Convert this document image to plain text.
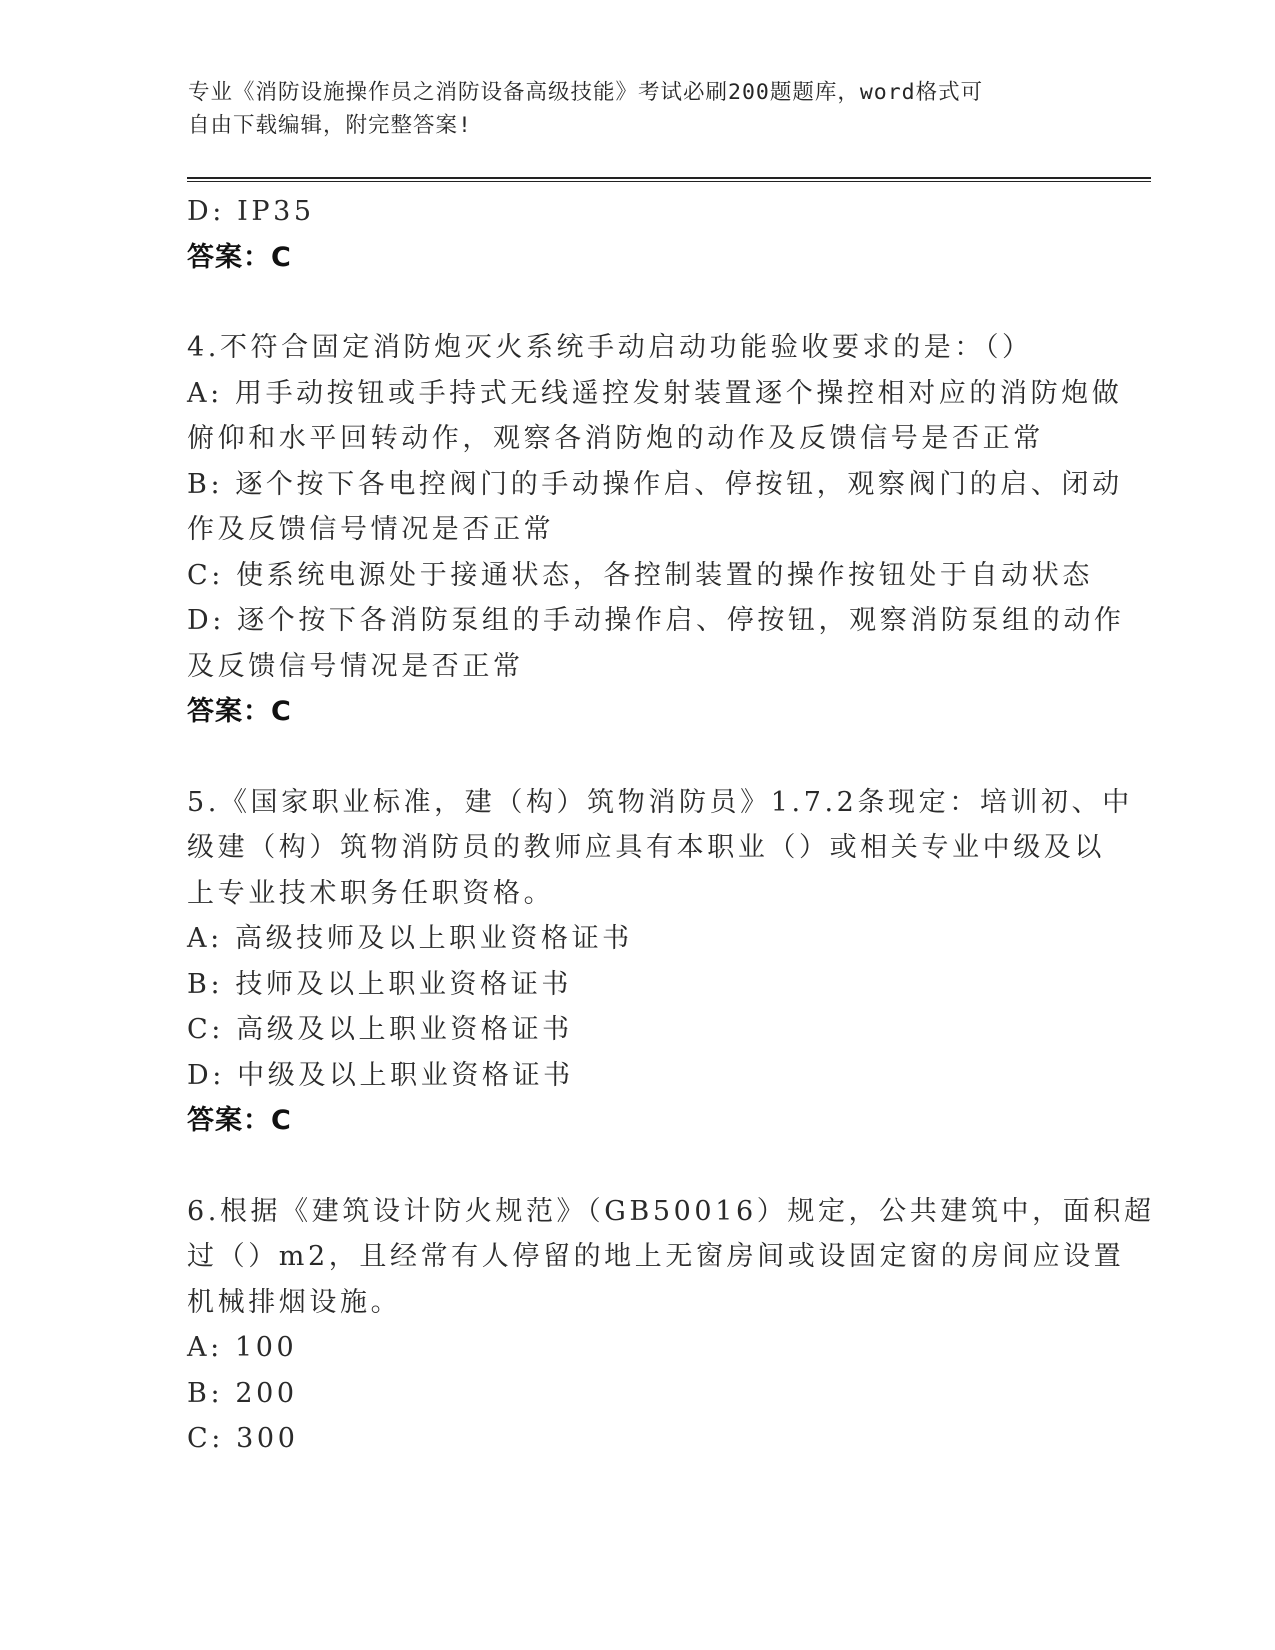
专业《消防设施操作员之消防设备高级技能》考试必刷200题题库，word格式可
自由下载编辑，附完整答案!
D: IP35
答案：C
4.不符合固定消防炮灭火系统手动启动功能验收要求的是：（）
A: 用手动按钮或手持式无线遥控发射装置逐个操控相对应的消防炮做
俯仰和水平回转动作，观察各消防炮的动作及反馈信号是否正常
B: 逐个按下各电控阀门的手动操作启、停按钮，观察阀门的启、闭动
作及反馈信号情况是否正常
C: 使系统电源处于接通状态，各控制装置的操作按钮处于自动状态
D: 逐个按下各消防泵组的手动操作启、停按钮，观察消防泵组的动作
及反馈信号情况是否正常
答案：C
5.《国家职业标准，建（构）筑物消防员》1.7.2条现定：培训初、中
级建（构）筑物消防员的教师应具有本职业（）或相关专业中级及以
上专业技术职务任职资格。
A: 高级技师及以上职业资格证书
B: 技师及以上职业资格证书
C: 高级及以上职业资格证书
D: 中级及以上职业资格证书
答案：C
6.根据《建筑设计防火规范》（GB50016）规定，公共建筑中，面积超
过（）m2，且经常有人停留的地上无窗房间或设固定窗的房间应设置
机械排烟设施。
A: 100
B: 200
C: 300
